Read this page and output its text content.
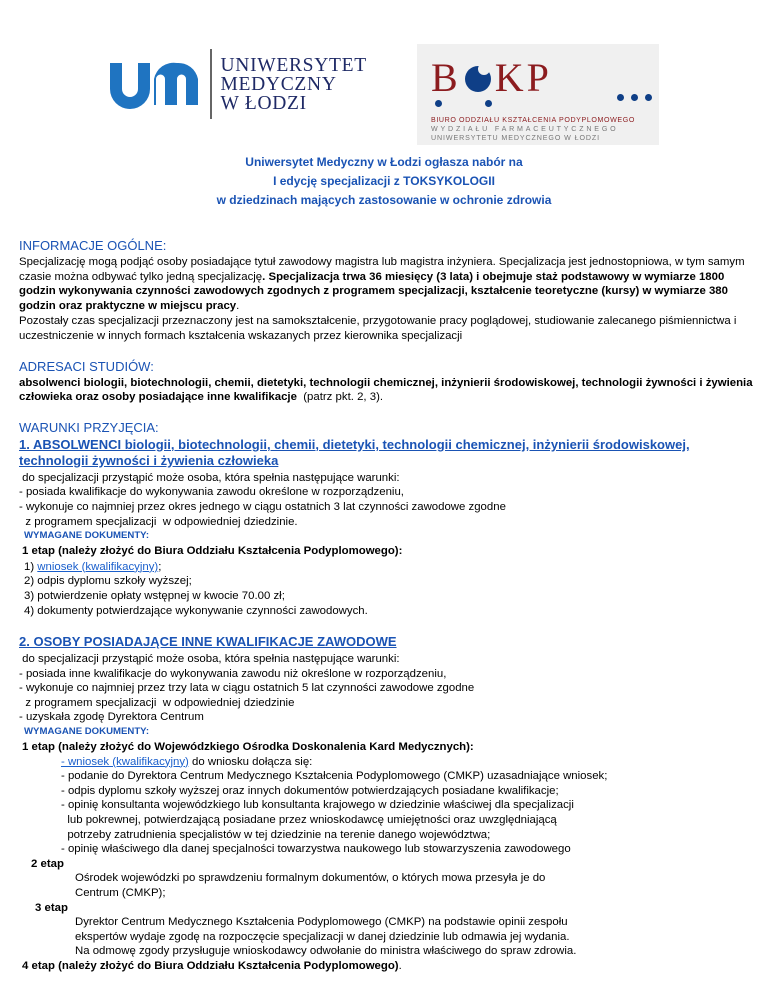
UNIWERSYTET
MEDYCZNY
W ŁODZI
B KP
BIURO ODDZIAŁU KSZTAŁCENIA PODYPLOMOWEGO
WYDZIAŁU FARMACEUTYCZNEGO
UNIWERSYTETU MEDYCZNEGO W ŁODZI
Uniwersytet Medyczny w Łodzi ogłasza nabór na
I edycję specjalizacji z TOKSYKOLOGII
w dziedzinach mających zastosowanie w ochronie zdrowia
INFORMACJE OGÓLNE:
Specjalizację mogą podjąć osoby posiadające tytuł zawodowy magistra lub magistra inżyniera. Specjalizacja jest jednostopniowa, w tym samym czasie można odbywać tylko jedną specjalizację. Specjalizacja trwa 36 miesięcy (3 lata) i obejmuje staż podstawowy w wymiarze 1800 godzin wykonywania czynności zawodowych zgodnych z programem specjalizacji, kształcenie teoretyczne (kursy) w wymiarze 380 godzin oraz praktyczne w miejscu pracy.
Pozostały czas specjalizacji przeznaczony jest na samokształcenie, przygotowanie pracy poglądowej, studiowanie zalecanego piśmiennictwa i uczestniczenie w innych formach kształcenia wskazanych przez kierownika specjalizacji
ADRESACI STUDIÓW:
absolwenci biologii, biotechnologii, chemii, dietetyki, technologii chemicznej, inżynierii środowiskowej, technologii żywności i żywienia człowieka oraz osoby posiadające inne kwalifikacje (patrz pkt. 2, 3).
WARUNKI PRZYJĘCIA:
1. ABSOLWENCI biologii, biotechnologii, chemii, dietetyki, technologii chemicznej, inżynierii środowiskowej, technologii żywności i żywienia człowieka
do specjalizacji przystąpić może osoba, która spełnia następujące warunki:
- posiada kwalifikacje do wykonywania zawodu określone w rozporządzeniu,
- wykonuje co najmniej przez okres jednego w ciągu ostatnich 3 lat czynności zawodowe zgodne
z programem specjalizacji  w odpowiedniej dziedzinie.
WYMAGANE DOKUMENTY:
1 etap (należy złożyć do Biura Oddziału Kształcenia Podyplomowego):
1) wniosek (kwalifikacyjny);
2) odpis dyplomu szkoły wyższej;
3) potwierdzenie opłaty wstępnej w kwocie 70.00 zł;
4) dokumenty potwierdzające wykonywanie czynności zawodowych.
2. OSOBY POSIADAJĄCE INNE KWALIFIKACJE ZAWODOWE
do specjalizacji przystąpić może osoba, która spełnia następujące warunki:
- posiada inne kwalifikacje do wykonywania zawodu niż określone w rozporządzeniu,
- wykonuje co najmniej przez trzy lata w ciągu ostatnich 5 lat czynności zawodowe zgodne
z programem specjalizacji  w odpowiedniej dziedzinie
- uzyskała zgodę Dyrektora Centrum
WYMAGANE DOKUMENTY:
1 etap (należy złożyć do Wojewódzkiego Ośrodka Doskonalenia Kard Medycznych):
- wniosek (kwalifikacyjny) do wniosku dołącza się:
- podanie do Dyrektora Centrum Medycznego Kształcenia Podyplomowego (CMKP) uzasadniające wniosek;
- odpis dyplomu szkoły wyższej oraz innych dokumentów potwierdzających posiadane kwalifikacje;
- opinię konsultanta wojewódzkiego lub konsultanta krajowego w dziedzinie właściwej dla specjalizacji
lub pokrewnej, potwierdzającą posiadane przez wnioskodawcę umiejętności oraz uwzględniającą
potrzeby zatrudnienia specjalistów w tej dziedzinie na terenie danego województwa;
- opinię właściwego dla danej specjalności towarzystwa naukowego lub stowarzyszenia zawodowego
2 etap
Ośrodek wojewódzki po sprawdzeniu formalnym dokumentów, o których mowa przesyła je do
Centrum (CMKP);
3 etap
Dyrektor Centrum Medycznego Kształcenia Podyplomowego (CMKP) na podstawie opinii zespołu
ekspertów wydaje zgodę na rozpoczęcie specjalizacji w danej dziedzinie lub odmawia jej wydania.
Na odmowę zgody przysługuje wnioskodawcy odwołanie do ministra właściwego do spraw zdrowia.
4 etap (należy złożyć do Biura Oddziału Kształcenia Podyplomowego).
